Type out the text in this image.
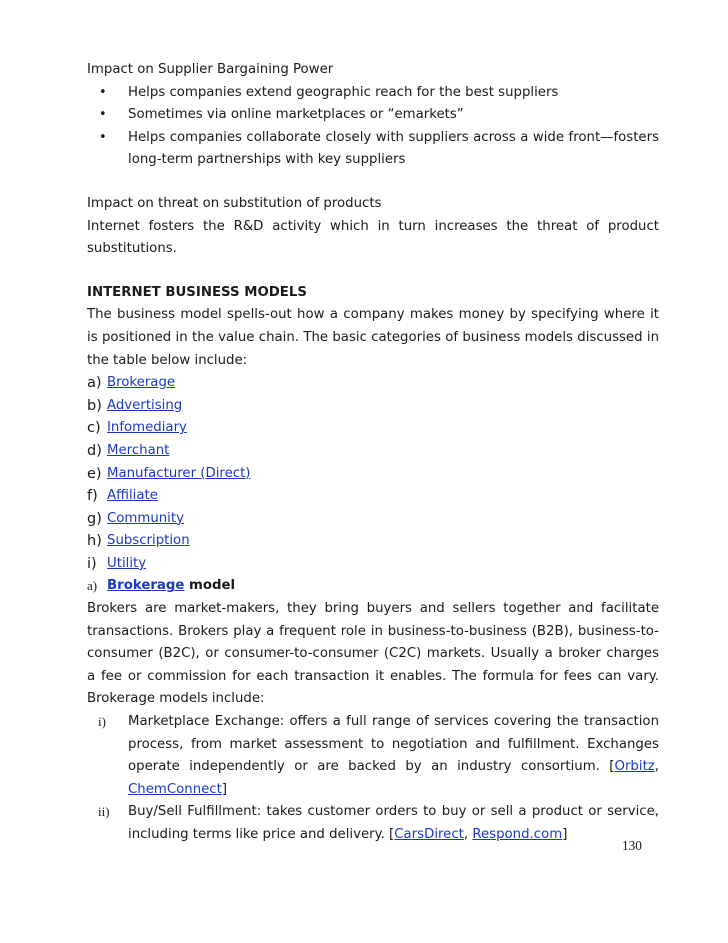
Impact on Supplier Bargaining Power

• Helps companies extend geographic reach for the best suppliers
• Sometimes via online marketplaces or “emarkets”
• Helps companies collaborate closely with suppliers across a wide front—fosters long-term partnerships with key suppliers

Impact on threat on substitution of products

Internet fosters the R&D activity which in turn increases the threat of product substitutions.

INTERNET BUSINESS MODELS

The business model spells-out how a company makes money by specifying where it is positioned in the value chain. The basic categories of business models discussed in the table below include:

a) Brokerage
b) Advertising
c) Infomediary
d) Merchant
e) Manufacturer (Direct)
f) Affiliate
g) Community
h) Subscription
i) Utility

a) Brokerage model

Brokers are market-makers, they bring buyers and sellers together and facilitate transactions. Brokers play a frequent role in business-to-business (B2B), business-to-consumer (B2C), or consumer-to-consumer (C2C) markets. Usually a broker charges a fee or commission for each transaction it enables. The formula for fees can vary. Brokerage models include:

i) Marketplace Exchange: offers a full range of services covering the transaction process, from market assessment to negotiation and fulfillment. Exchanges operate independently or are backed by an industry consortium. [Orbitz, ChemConnect]
ii) Buy/Sell Fulfillment: takes customer orders to buy or sell a product or service, including terms like price and delivery. [CarsDirect, Respond.com]
130
